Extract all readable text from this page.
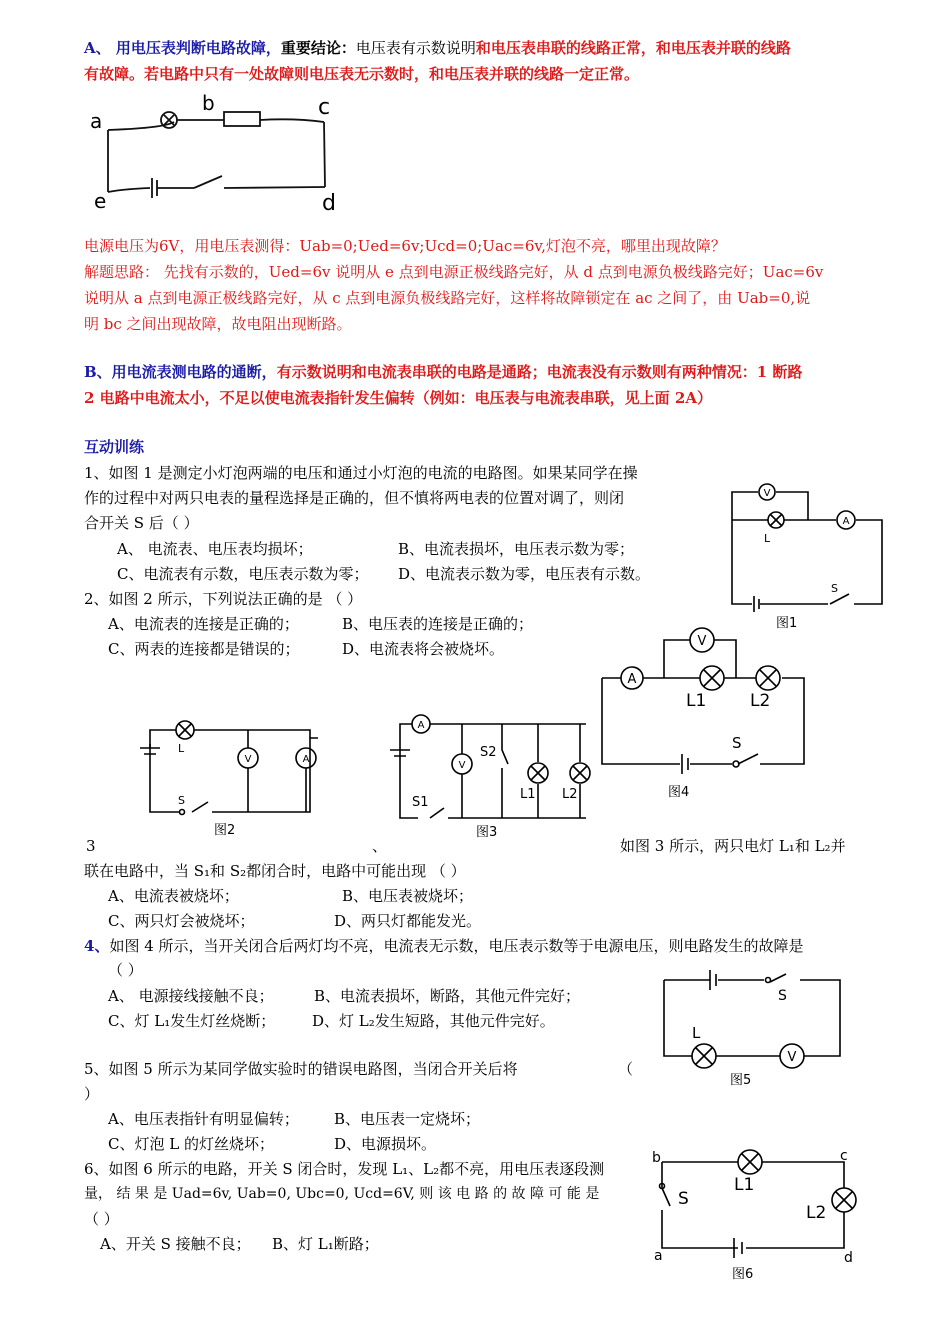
A、 用电压表判断电路故障，重要结论：电压表有示数说明和电压表串联的线路正常，和电压表并联的线路
有故障。若电路中只有一处故障则电压表无示数时，和电压表并联的线路一定正常。
a
b	c
d
e
电源电压为6V，用电压表测得：Uab=0;Ued=6v;Ucd=0;Uac=6v,灯泡不亮，哪里出现故障？
解题思路： 先找有示数的，Ued=6v 说明从 e 点到电源正极线路完好，从 d 点到电源负极线路完好；Uac=6v
说明从 a 点到电源正极线路完好，从 c 点到电源负极线路完好，这样将故障锁定在 ac 之间了，由 Uab=0,说
明 bc 之间出现故障，故电阻出现断路。
B、用电流表测电路的通断，有示数说明和电流表串联的电路是通路；电流表没有示数则有两种情况：1 断路
2 电路中电流太小，不足以使电流表指针发生偏转（例如：电压表与电流表串联，见上面 2A）
互动训练
1、如图 1 是测定小灯泡两端的电压和通过小灯泡的电流的电路图。如果某同学在操
作的过程中对两只电表的量程选择是正确的，但不慎将两电表的位置对调了，则闭
合开关 S 后（ ）
A、 电流表、电压表均损坏；	B、电流表损坏，电压表示数为零；
C、电流表有示数，电压表示数为零； D、电流表示数为零，电压表有示数。
V
A
L
S
图1
2、如图 2 所示，下列说法正确的是 （ ）
A、电流表的连接是正确的；	B、电压表的连接是正确的；
C、两表的连接都是错误的；	D、电流表将会被烧坏。
A
V
L1	L2
S
图4
V	A
L
S
图2
A
V
S2
L1 L2
S1
图3
3	、	如图 3 所示，两只电灯 L₁和 L₂并
联在电路中，当 S₁和 S₂都闭合时，电路中可能出现 （ ）
A、电流表被烧坏；	B、电压表被烧坏；
C、两只灯会被烧坏；	D、两只灯都能发光。
4、如图 4 所示，当开关闭合后两灯均不亮，电流表无示数，电压表示数等于电源电压，则电路发生的故障是
（ ）
A、 电源接线接触不良；	B、电流表损坏，断路，其他元件完好；
C、灯 L₁发生灯丝烧断； D、灯 L₂发生短路，其他元件完好。
V
L
S
图5
5、如图 5 所示为某同学做实验时的错误电路图，当闭合开关后将	（
）
A、电压表指针有明显偏转； B、电压表一定烧坏；
C、灯泡 L 的灯丝烧坏；	D、电源损坏。
6、如图 6 所示的电路，开关 S 闭合时，发现 L₁、L₂都不亮，用电压表逐段测
量， 结 果 是 Uad=6v, Uab=0, Ubc=0, Ucd=6V, 则 该 电 路 的 故 障 可 能 是
（ ）
A、开关 S 接触不良； B、灯 L₁断路；
b	c
a	d
S
L1
L2
图6
